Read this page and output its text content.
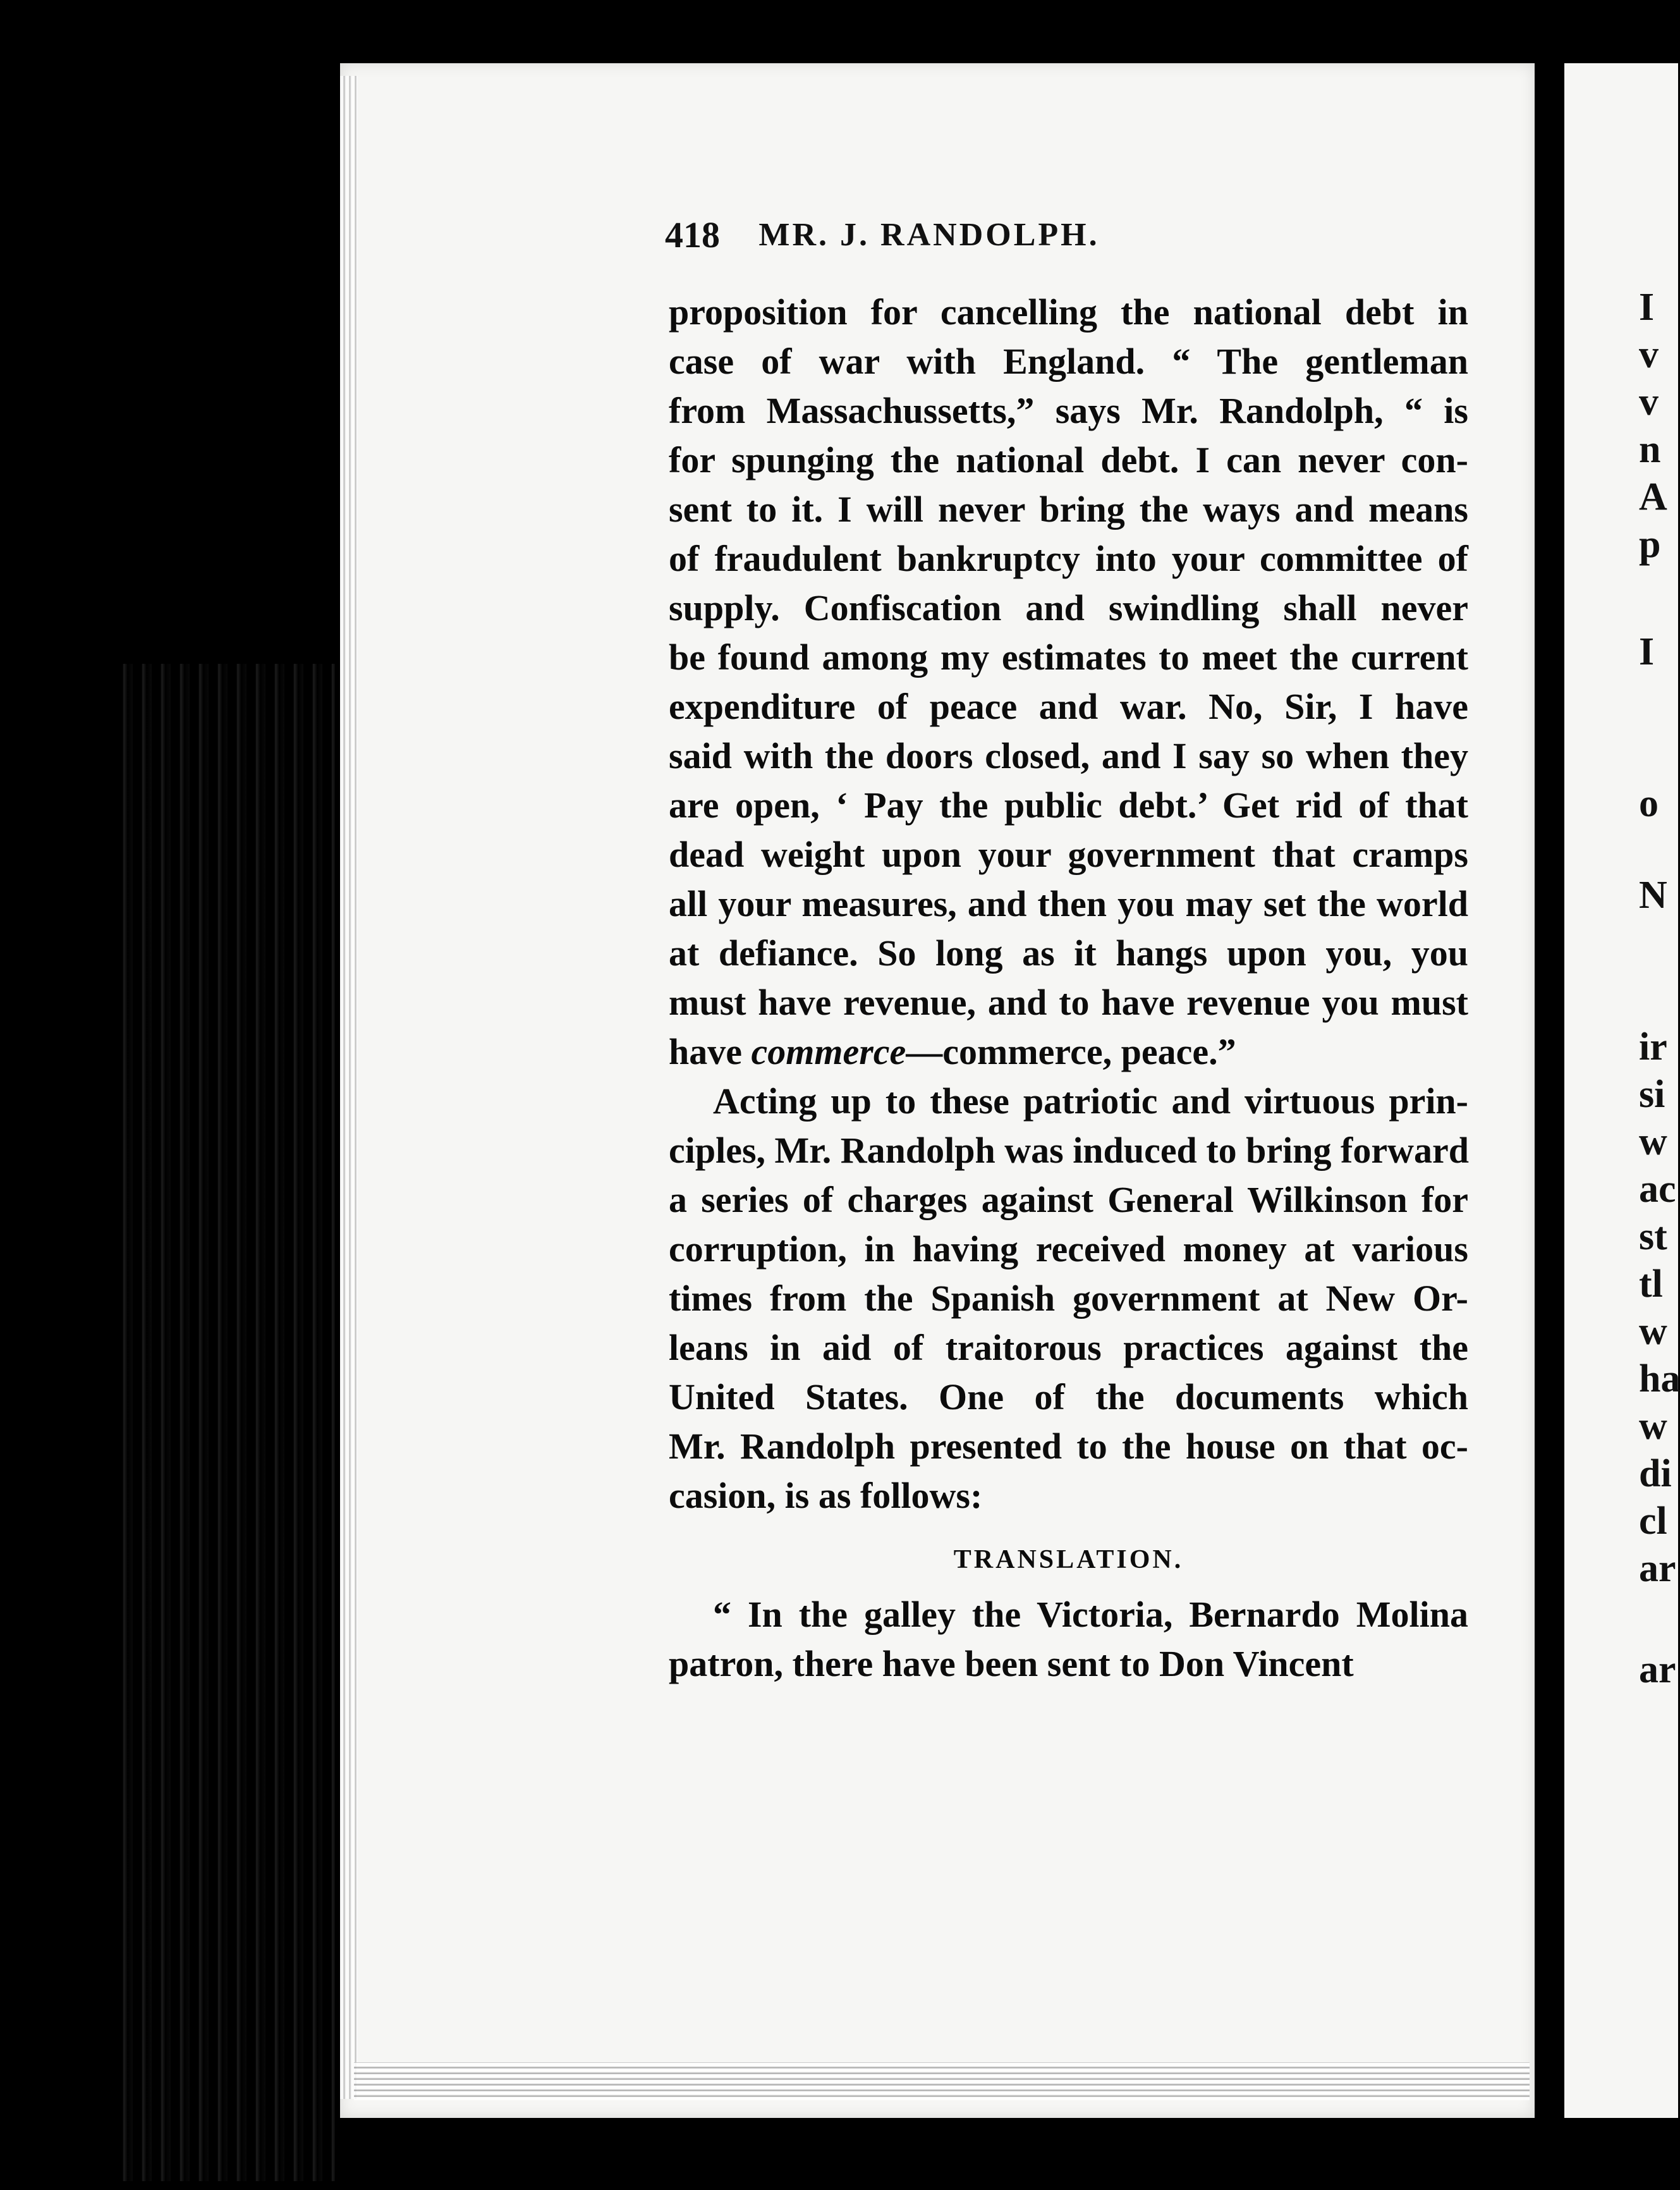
I
v
v
n
A
p
I
o
N
ir
si
w
ac
st
tl
w
ha
w
di
cl
ar
ar
418	MR. J. RANDOLPH.
proposition for cancelling the national debt in
case of war with England. “ The gentleman
from Massachussetts,” says Mr. Randolph, “ is
for spunging the national debt. I can never con-
sent to it. I will never bring the ways and means
of fraudulent bankruptcy into your committee of
supply. Confiscation and swindling shall never
be found among my estimates to meet the current
expenditure of peace and war. No, Sir, I have
said with the doors closed, and I say so when they
are open, ‘ Pay the public debt.’ Get rid of that
dead weight upon your government that cramps
all your measures, and then you may set the world
at defiance. So long as it hangs upon you, you
must have revenue, and to have revenue you must
have commerce—commerce, peace.”
Acting up to these patriotic and virtuous prin-
ciples, Mr. Randolph was induced to bring forward
a series of charges against General Wilkinson for
corruption, in having received money at various
times from the Spanish government at New Or-
leans in aid of traitorous practices against the
United States. One of the documents which
Mr. Randolph presented to the house on that oc-
casion, is as follows:
TRANSLATION.
“ In the galley the Victoria, Bernardo Molina
patron, there have been sent to Don Vincent
